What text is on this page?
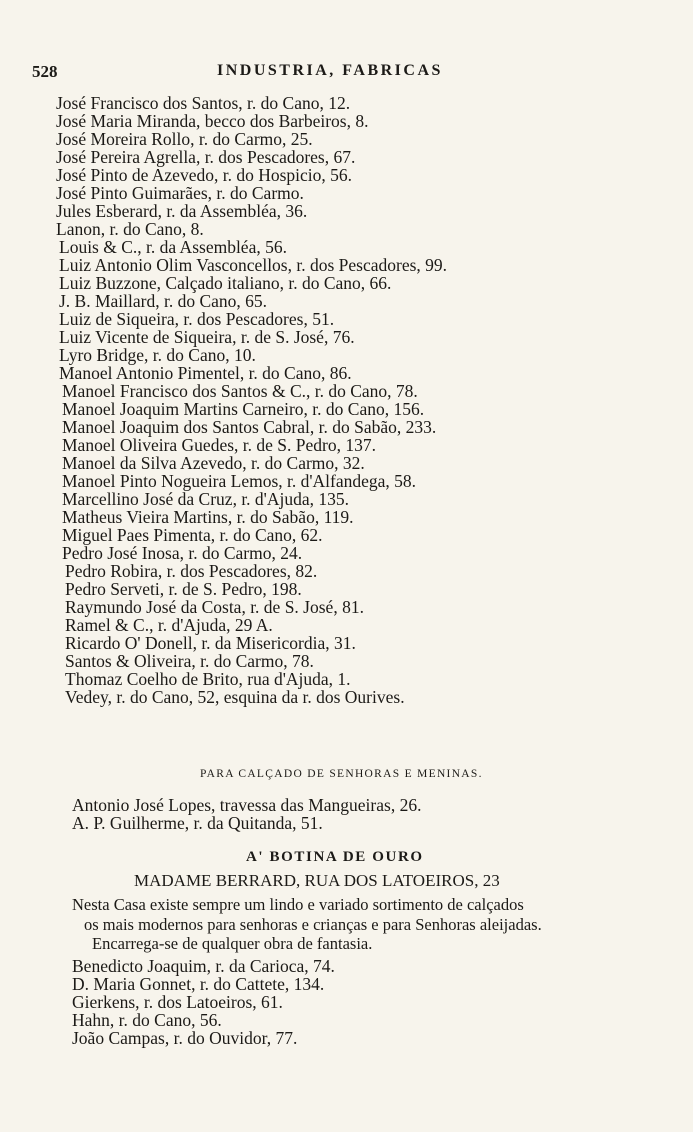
528	INDUSTRIA, FABRICAS
José Francisco dos Santos, r. do Cano, 12.
José Maria Miranda, becco dos Barbeiros, 8.
José Moreira Rollo, r. do Carmo, 25.
José Pereira Agrella, r. dos Pescadores, 67.
José Pinto de Azevedo, r. do Hospicio, 56.
José Pinto Guimarães, r. do Carmo.
Jules Esberard, r. da Assembléa, 36.
Lanon, r. do Cano, 8.
Louis & C., r. da Assembléa, 56.
Luiz Antonio Olim Vasconcellos, r. dos Pescadores, 99.
Luiz Buzzone, Calçado italiano, r. do Cano, 66.
J. B. Maillard, r. do Cano, 65.
Luiz de Siqueira, r. dos Pescadores, 51.
Luiz Vicente de Siqueira, r. de S. José, 76.
Lyro Bridge, r. do Cano, 10.
Manoel Antonio Pimentel, r. do Cano, 86.
Manoel Francisco dos Santos & C., r. do Cano, 78.
Manoel Joaquim Martins Carneiro, r. do Cano, 156.
Manoel Joaquim dos Santos Cabral, r. do Sabão, 233.
Manoel Oliveira Guedes, r. de S. Pedro, 137.
Manoel da Silva Azevedo, r. do Carmo, 32.
Manoel Pinto Nogueira Lemos, r. d'Alfandega, 58.
Marcellino José da Cruz, r. d'Ajuda, 135.
Matheus Vieira Martins, r. do Sabão, 119.
Miguel Paes Pimenta, r. do Cano, 62.
Pedro José Inosa, r. do Carmo, 24.
Pedro Robira, r. dos Pescadores, 82.
Pedro Serveti, r. de S. Pedro, 198.
Raymundo José da Costa, r. de S. José, 81.
Ramel & C., r. d'Ajuda, 29 A.
Ricardo O' Donell, r. da Misericordia, 31.
Santos & Oliveira, r. do Carmo, 78.
Thomaz Coelho de Brito, rua d'Ajuda, 1.
Vedey, r. do Cano, 52, esquina da r. dos Ourives.
PARA CALÇADO DE SENHORAS E MENINAS.
Antonio José Lopes, travessa das Mangueiras, 26.
A. P. Guilherme, r. da Quitanda, 51.
A' BOTINA DE OURO
MADAME BERRARD, RUA DOS LATOEIROS, 23
Nesta Casa existe sempre um lindo e variado sortimento de calçados
os mais modernos para senhoras e crianças e para Senhoras aleijadas.
Encarrega-se de qualquer obra de fantasia.
Benedicto Joaquim, r. da Carioca, 74.
D. Maria Gonnet, r. do Cattete, 134.
Gierkens, r. dos Latoeiros, 61.
Hahn, r. do Cano, 56.
João Campas, r. do Ouvidor, 77.
